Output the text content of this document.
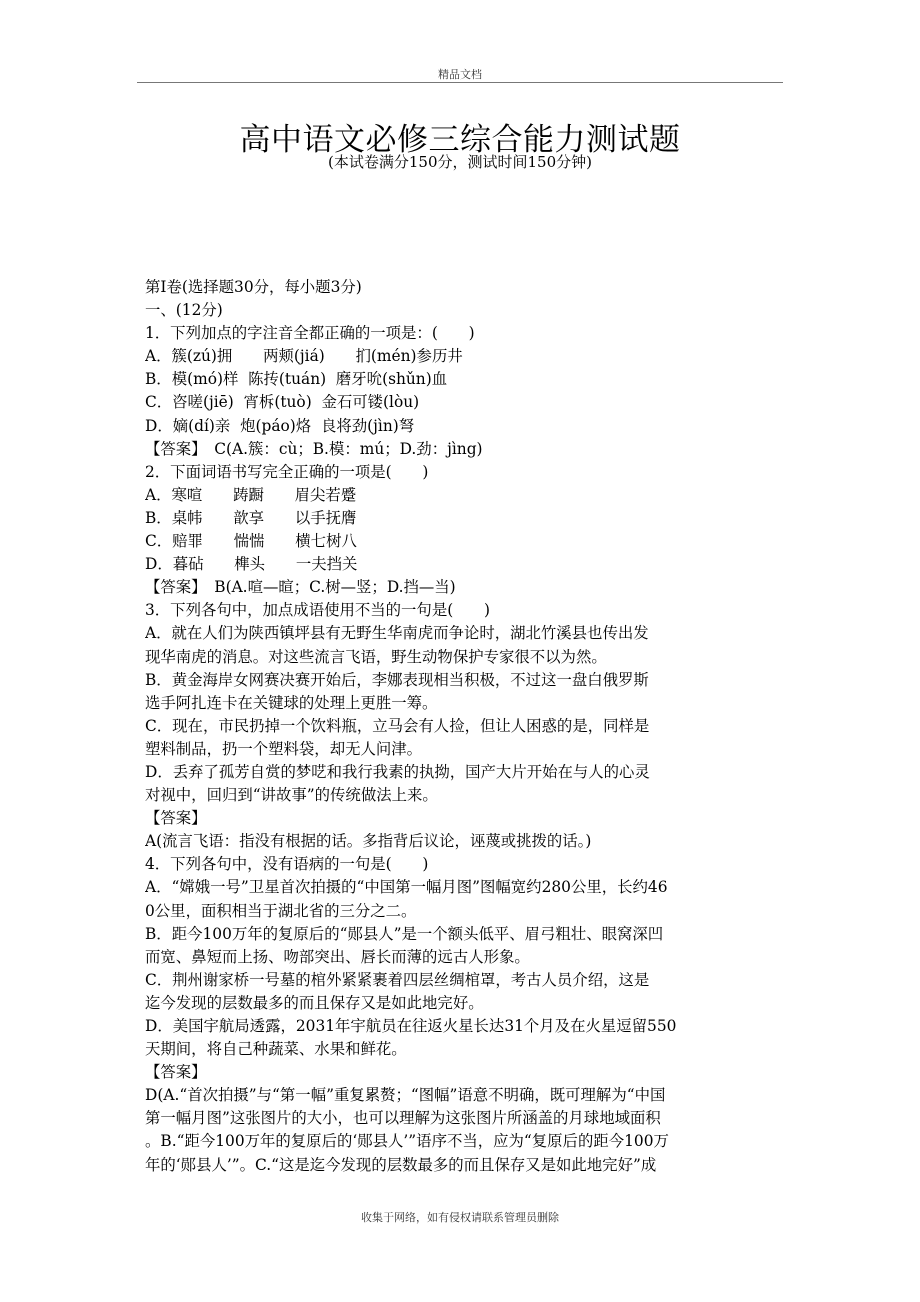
精品文档
高中语文必修三综合能力测试题
(本试卷满分150分，测试时间150分钟)
第Ⅰ卷(选择题30分，每小题3分)
一、(12分)
1．下列加点的字注音全都正确的一项是：(　　)
A．簇(zú)拥　　两颊(jiá)　　扪(mén)参历井
B．模(mó)样  陈抟(tuán)  磨牙吮(shǔn)血
C．咨嗟(jiē)  宵柝(tuò)  金石可镂(lòu)
D．嫡(dí)亲  炮(páo)烙  良将劲(jìn)弩
【答案】　C(A.簇：cù；B.模：mú；D.劲：jìng)
2．下面词语书写完全正确的一项是(　　)
A．寒喧　　踌蹰　　眉尖若蹙
B．桌帏　　歆享　　以手抚膺
C．赔罪　　惴惴　　横七树八
D．暮砧　　榫头　　一夫挡关
【答案】　B(A.喧—暄；C.树—竖；D.挡—当)
3．下列各句中，加点成语使用不当的一句是(　　)
A．就在人们为陕西镇坪县有无野生华南虎而争论时，湖北竹溪县也传出发
现华南虎的消息。对这些流言飞语，野生动物保护专家很不以为然。
B．黄金海岸女网赛决赛开始后，李娜表现相当积极，不过这一盘白俄罗斯
选手阿扎连卡在关键球的处理上更胜一筹。
C．现在，市民扔掉一个饮料瓶，立马会有人捡，但让人困惑的是，同样是
塑料制品，扔一个塑料袋，却无人问津。
D．丢弃了孤芳自赏的梦呓和我行我素的执拗，国产大片开始在与人的心灵
对视中，回归到“讲故事”的传统做法上来。
【答案】
A(流言飞语：指没有根据的话。多指背后议论，诬蔑或挑拨的话。)
4．下列各句中，没有语病的一句是(　　)
A．“嫦娥一号”卫星首次拍摄的“中国第一幅月图”图幅宽约280公里，长约46
0公里，面积相当于湖北省的三分之二。
B．距今100万年的复原后的“郧县人”是一个额头低平、眉弓粗壮、眼窝深凹
而宽、鼻短而上扬、吻部突出、唇长而薄的远古人形象。
C．荆州谢家桥一号墓的棺外紧紧裹着四层丝绸棺罩，考古人员介绍，这是
迄今发现的层数最多的而且保存又是如此地完好。
D．美国宇航局透露，2031年宇航员在往返火星长达31个月及在火星逗留550
天期间，将自己种蔬菜、水果和鲜花。
【答案】
D(A.“首次拍摄”与“第一幅”重复累赘；“图幅”语意不明确，既可理解为“中国
第一幅月图”这张图片的大小，也可以理解为这张图片所涵盖的月球地域面积
。B.“距今100万年的复原后的‘郧县人’”语序不当，应为“复原后的距今100万
年的‘郧县人’”。C.“这是迄今发现的层数最多的而且保存又是如此地完好”成
收集于网络，如有侵权请联系管理员删除
